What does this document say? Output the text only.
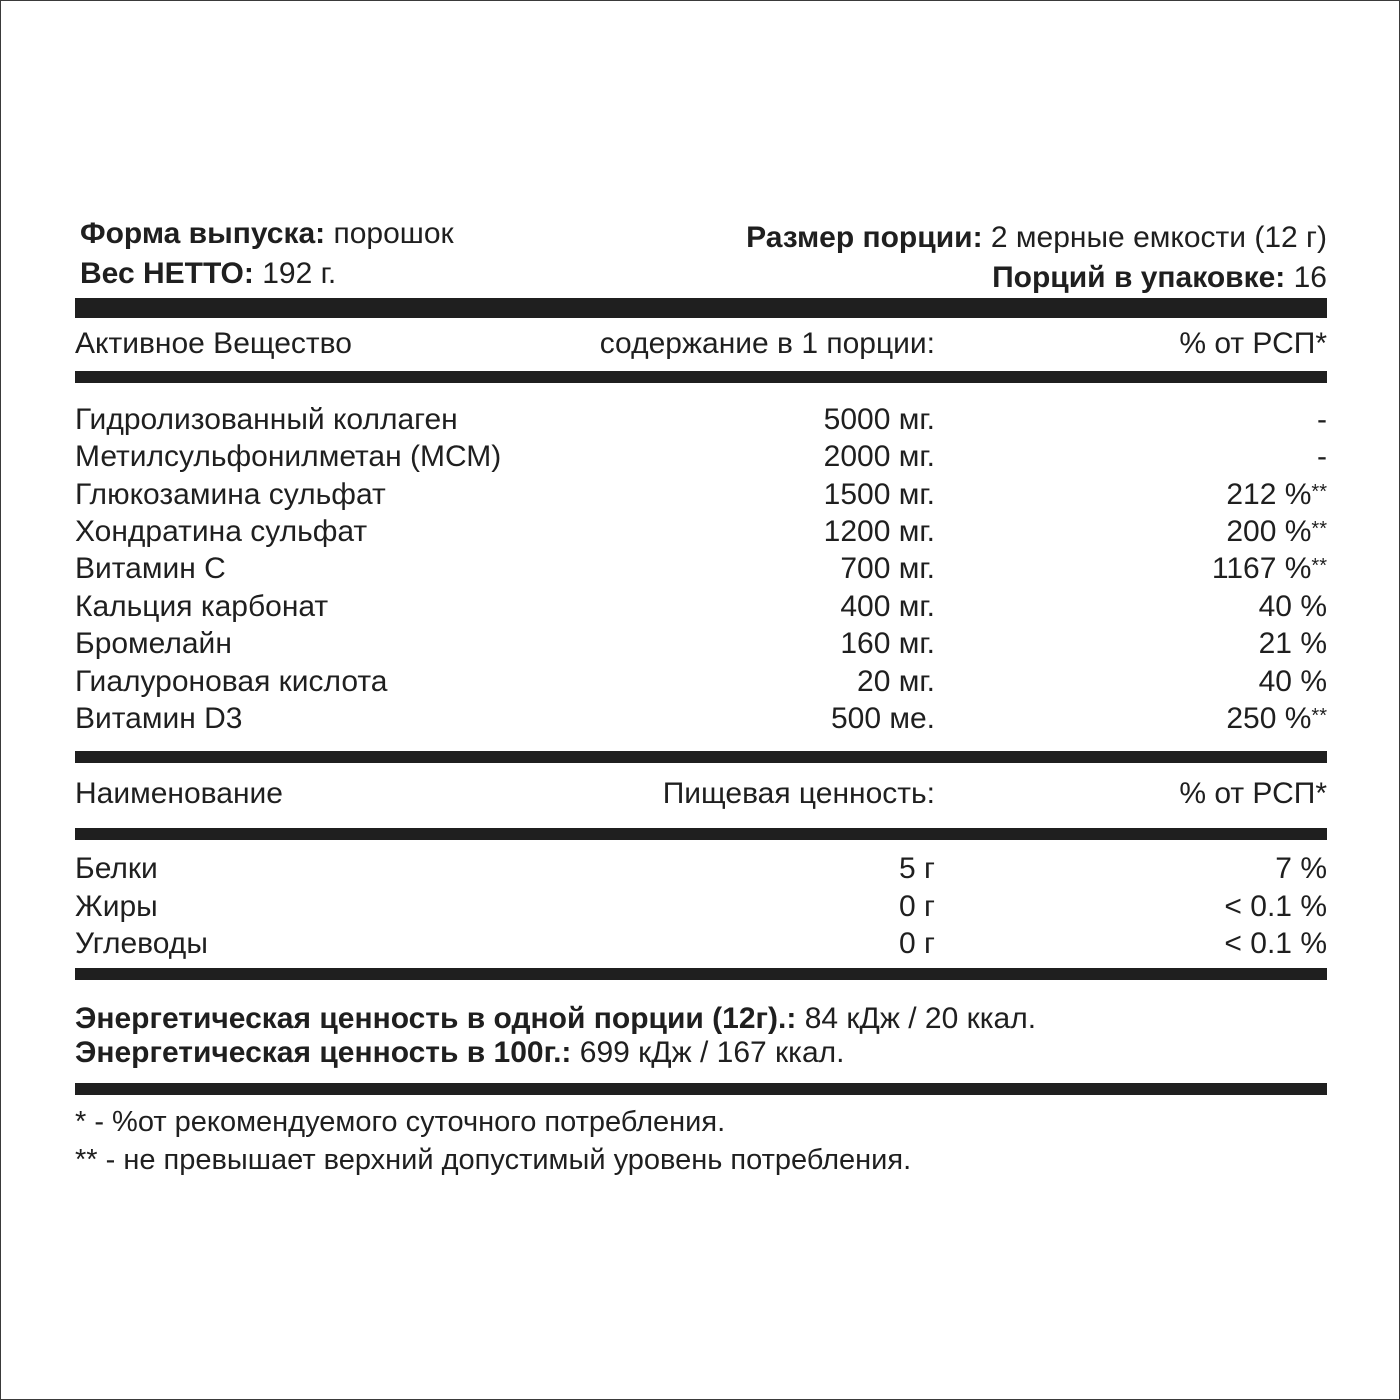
Форма выпуска: порошок
Вес НЕТТО: 192 г.
Размер порции: 2 мерные емкости (12 г)
Порций в упаковке: 16
Активное Вещество	содержание в 1 порции:	% от РСП*
Гидролизованный коллаген	5000 мг.	-
Метилсульфонилметан (МСМ)	2000 мг.	-
Глюкозамина сульфат	1500 мг.	212 %**
Хондратина сульфат	1200 мг.	200 %**
Витамин С	700 мг.	1167 %**
Кальция карбонат	400 мг.	40 %
Бромелайн	160 мг.	21 %
Гиалуроновая кислота	20 мг.	40 %
Витамин D3	500 ме.	250 %**
Наименование	Пищевая ценность:	% от РСП*
Белки	5 г	7 %
Жиры	0 г	< 0.1 %
Углеводы	0 г	< 0.1 %
Энергетическая ценность в одной порции (12г).: 84 кДж / 20 ккал.
Энергетическая ценность в 100г.: 699 кДж / 167 ккал.
* - %от рекомендуемого суточного потребления.
** - не превышает верхний допустимый уровень потребления.
